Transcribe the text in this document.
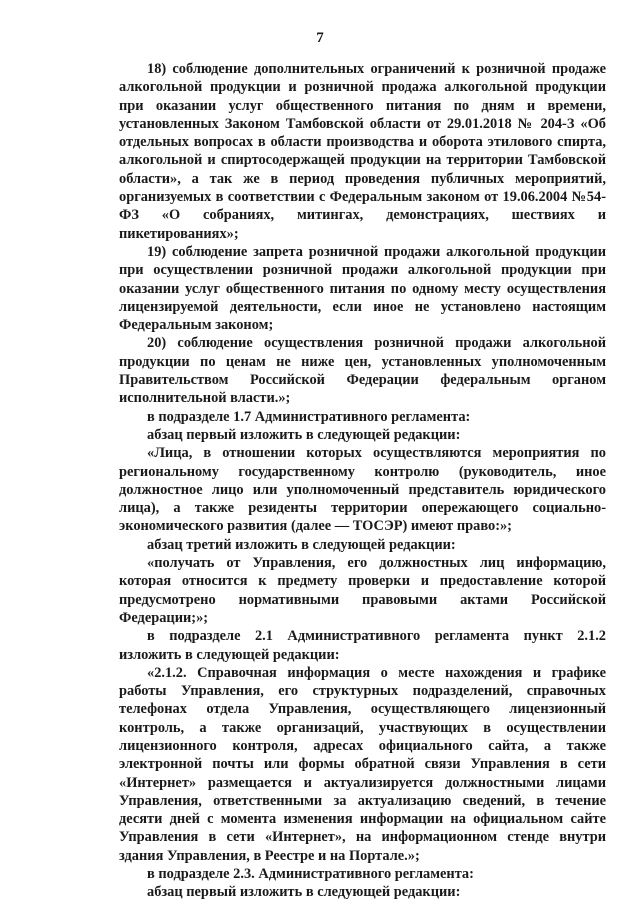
7

18) соблюдение дополнительных ограничений к розничной продаже алкогольной продукции и розничной продажа алкогольной продукции при оказании услуг общественного питания по дням и времени, установленных Законом Тамбовской области от 29.01.2018 № 204-З «Об отдельных вопросах в области производства и оборота этилового спирта, алкогольной и спиртосодержащей продукции на территории Тамбовской области», а так же в период проведения публичных мероприятий, организуемых в соответствии с Федеральным законом от 19.06.2004 №54-ФЗ «О собраниях, митингах, демонстрациях, шествиях и пикетированиях»;

19) соблюдение запрета розничной продажи алкогольной продукции при осуществлении розничной продажи алкогольной продукции при оказании услуг общественного питания по одному месту осуществления лицензируемой деятельности, если иное не установлено настоящим Федеральным законом;

20) соблюдение осуществления розничной продажи алкогольной продукции по ценам не ниже цен, установленных уполномоченным Правительством Российской Федерации федеральным органом исполнительной власти.»;

в подразделе 1.7 Административного регламента:

абзац первый изложить в следующей редакции:

«Лица, в отношении которых осуществляются мероприятия по региональному государственному контролю (руководитель, иное должностное лицо или уполномоченный представитель юридического лица), а также резиденты территории опережающего социально-экономического развития (далее — ТОСЭР) имеют право:»;

абзац третий изложить в следующей редакции:

«получать от Управления, его должностных лиц информацию, которая относится к предмету проверки и предоставление которой предусмотрено нормативными правовыми актами Российской Федерации;»;

в подразделе 2.1 Административного регламента пункт 2.1.2 изложить в следующей редакции:

«2.1.2. Справочная информация о месте нахождения и графике работы Управления, его структурных подразделений, справочных телефонах отдела Управления, осуществляющего лицензионный контроль, а также организаций, участвующих в осуществлении лицензионного контроля, адресах официального сайта, а также электронной почты или формы обратной связи Управления в сети «Интернет» размещается и актуализируется должностными лицами Управления, ответственными за актуализацию сведений, в течение десяти дней с момента изменения информации на официальном сайте Управления в сети «Интернет», на информационном стенде внутри здания Управления, в Реестре и на Портале.»;

в подразделе 2.3. Административного регламента:

абзац первый изложить в следующей редакции:
